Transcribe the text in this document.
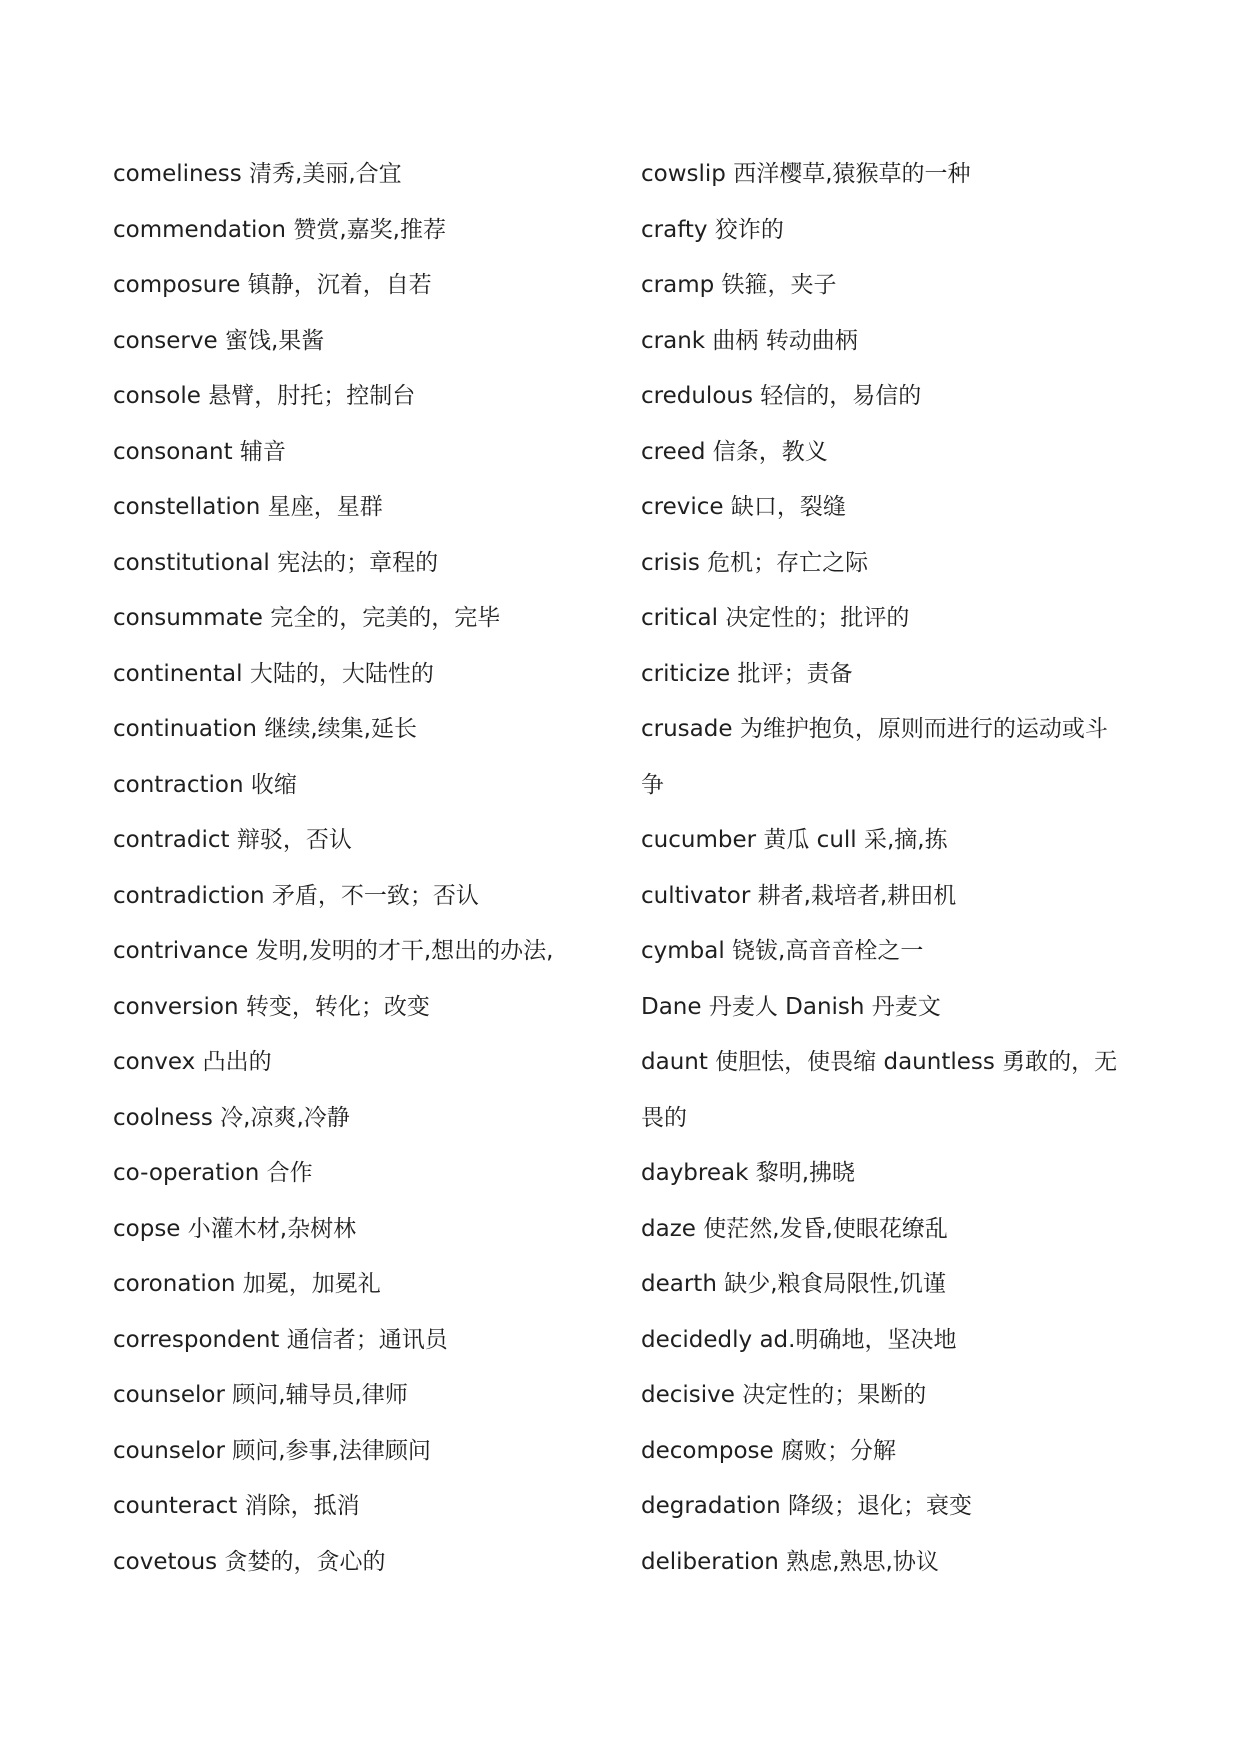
comeliness 清秀,美丽,合宜
commendation 赞赏,嘉奖,推荐
composure 镇静，沉着，自若
conserve 蜜饯,果酱
console 悬臂，肘托；控制台
consonant 辅音
constellation 星座，星群
constitutional 宪法的；章程的
consummate 完全的，完美的，完毕
continental 大陆的，大陆性的
continuation 继续,续集,延长
contraction 收缩
contradict 辩驳，否认
contradiction 矛盾，不一致；否认
contrivance 发明,发明的才干,想出的办法,
conversion 转变，转化；改变
convex 凸出的
coolness 冷,凉爽,冷静
co-operation 合作
copse 小灌木材,杂树林
coronation 加冕，加冕礼
correspondent 通信者；通讯员
counselor 顾问,辅导员,律师
counselor 顾问,参事,法律顾问
counteract 消除，抵消
covetous 贪婪的，贪心的
cowslip 西洋樱草,猿猴草的一种
crafty 狡诈的
cramp 铁箍，夹子
crank 曲柄 转动曲柄
credulous 轻信的，易信的
creed 信条，教义
crevice 缺口，裂缝
crisis 危机；存亡之际
critical 决定性的；批评的
criticize 批评；责备
crusade 为维护抱负，原则而进行的运动或斗
争
cucumber 黄瓜 cull 采,摘,拣
cultivator 耕者,栽培者,耕田机
cymbal 铙钹,高音音栓之一
Dane 丹麦人 Danish 丹麦文
daunt 使胆怯，使畏缩 dauntless 勇敢的，无
畏的
daybreak 黎明,拂晓
daze 使茫然,发昏,使眼花缭乱
dearth 缺少,粮食局限性,饥谨
decidedly ad.明确地，坚决地
decisive 决定性的；果断的
decompose 腐败；分解
degradation 降级；退化；衰变
deliberation 熟虑,熟思,协议
